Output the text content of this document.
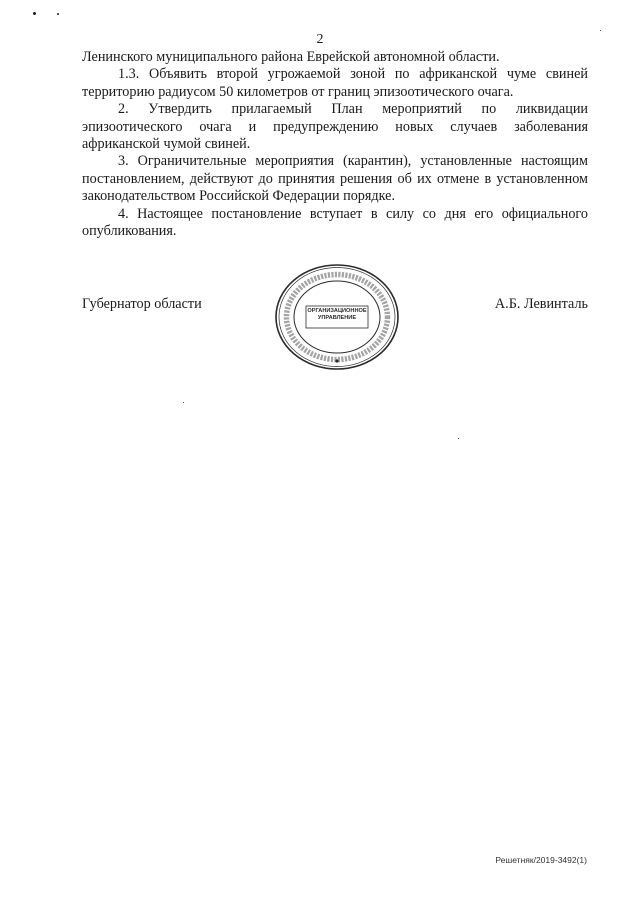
2

Ленинского муниципального района Еврейской автономной области.

1.3. Объявить второй угрожаемой зоной по африканской чуме свиней территорию радиусом 50 километров от границ эпизоотического очага.

2. Утвердить прилагаемый План мероприятий по ликвидации эпизоотического очага и предупреждению новых случаев заболевания африканской чумой свиней.

3. Ограничительные мероприятия (карантин), установленные настоящим постановлением, действуют до принятия решения об их отмене в установленном законодательством Российской Федерации порядке.

4. Настоящее постановление вступает в силу со дня его официального опубликования.

Губернатор области	ОРГАНИЗАЦИОННОЕ
УПРАВЛЕНИЕ
А.Б. Левинталь
Решетняк/2019-3492(1)
